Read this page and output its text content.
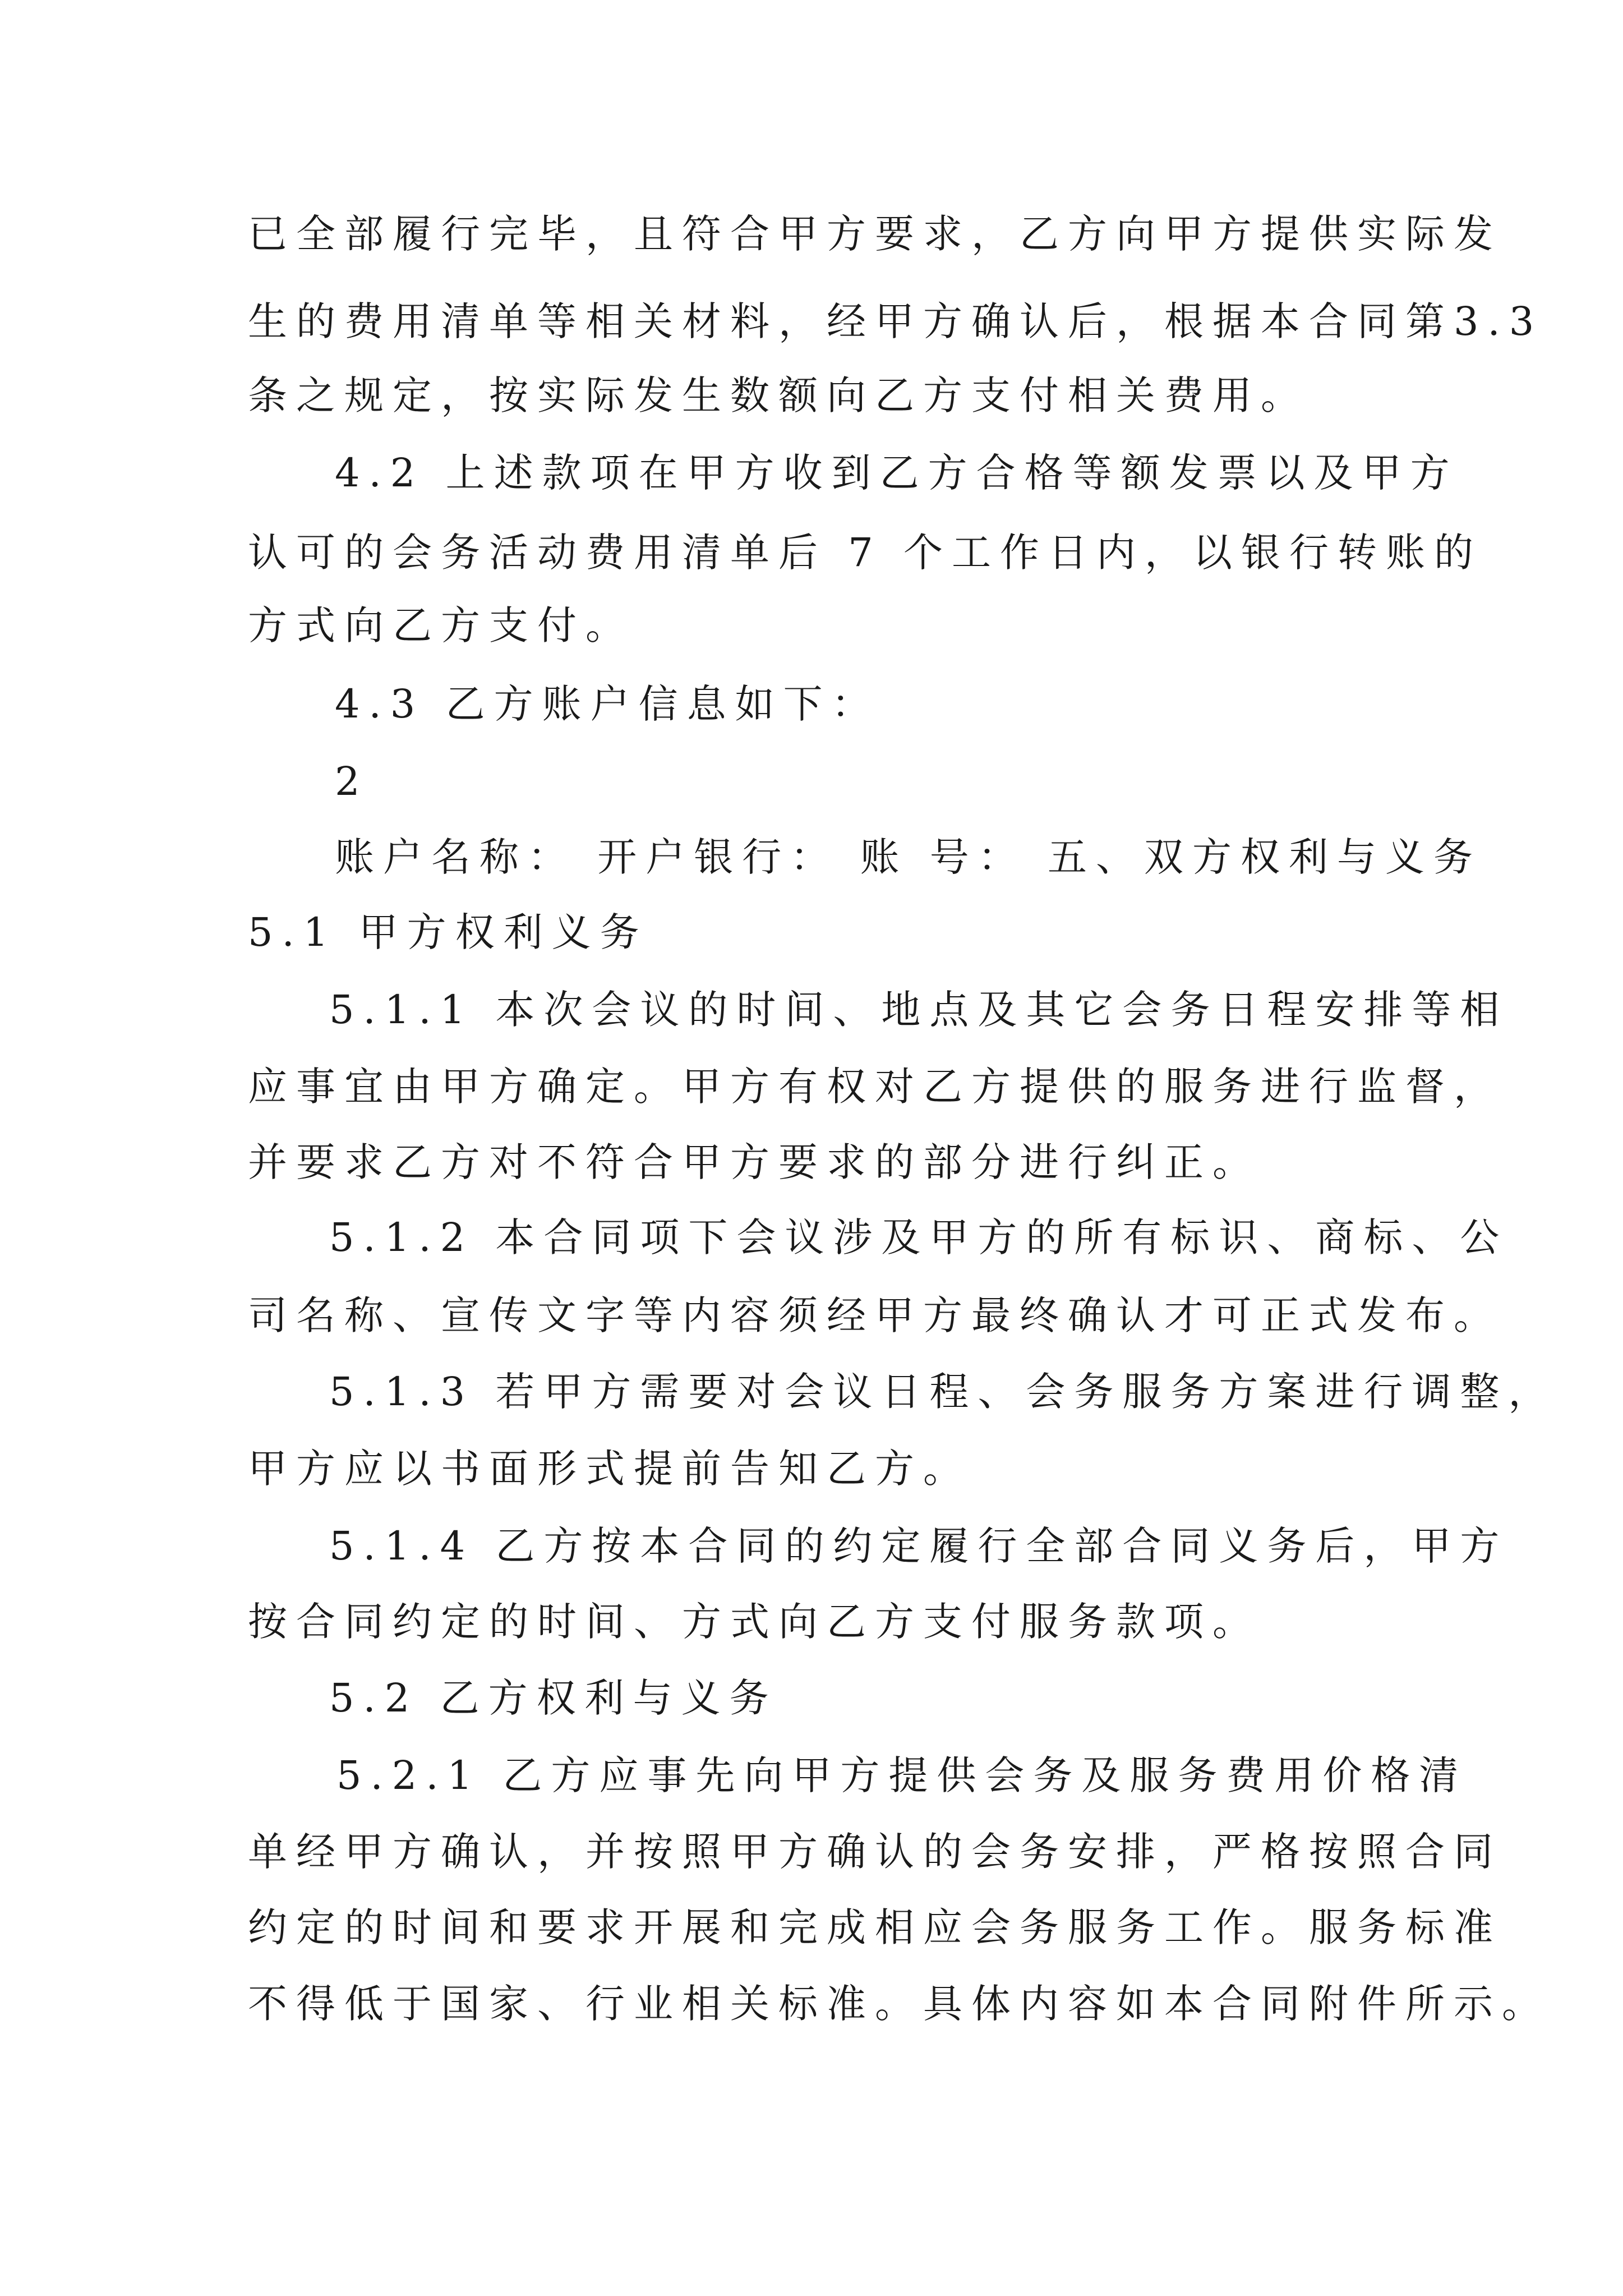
已全部履行完毕，且符合甲方要求，乙方向甲方提供实际发
生的费用清单等相关材料，经甲方确认后，根据本合同第3.3
条之规定，按实际发生数额向乙方支付相关费用。
4.2 上述款项在甲方收到乙方合格等额发票以及甲方
认可的会务活动费用清单后 7 个工作日内，以银行转账的
方式向乙方支付。
4.3 乙方账户信息如下：
2
账户名称： 开户银行： 账 号： 五、双方权利与义务
5.1 甲方权利义务
5.1.1 本次会议的时间、地点及其它会务日程安排等相
应事宜由甲方确定。甲方有权对乙方提供的服务进行监督，
并要求乙方对不符合甲方要求的部分进行纠正。
5.1.2 本合同项下会议涉及甲方的所有标识、商标、公
司名称、宣传文字等内容须经甲方最终确认才可正式发布。
5.1.3 若甲方需要对会议日程、会务服务方案进行调整，
甲方应以书面形式提前告知乙方。
5.1.4 乙方按本合同的约定履行全部合同义务后，甲方
按合同约定的时间、方式向乙方支付服务款项。
5.2 乙方权利与义务
5.2.1 乙方应事先向甲方提供会务及服务费用价格清
单经甲方确认，并按照甲方确认的会务安排，严格按照合同
约定的时间和要求开展和完成相应会务服务工作。服务标准
不得低于国家、行业相关标准。具体内容如本合同附件所示。
